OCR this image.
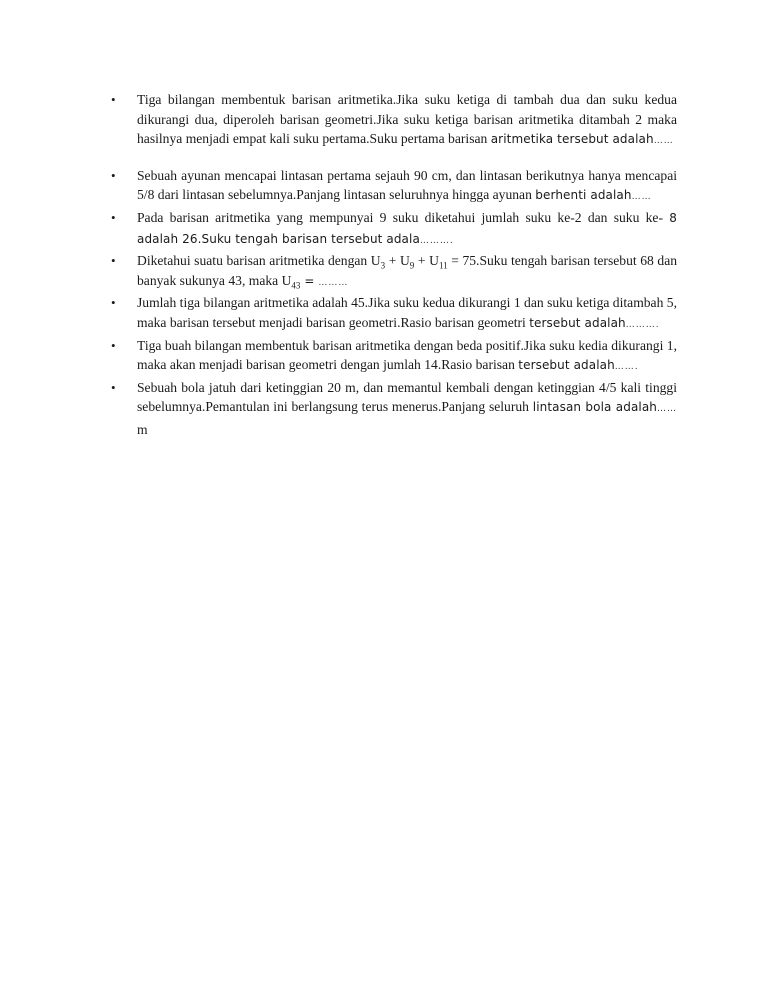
•	Tiga bilangan membentuk barisan aritmetika.Jika suku ketiga di tambah dua dan suku kedua dikurangi dua, diperoleh barisan geometri.Jika suku ketiga barisan aritmetika ditambah 2 maka hasilnya menjadi empat kali suku pertama.Suku pertama barisan aritmetika tersebut adalah……
•	Sebuah ayunan mencapai lintasan pertama sejauh 90 cm, dan lintasan berikutnya hanya mencapai 5/8 dari lintasan sebelumnya.Panjang lintasan seluruhnya hingga ayunan berhenti adalah……
•	Pada barisan aritmetika yang mempunyai 9 suku diketahui jumlah suku ke-2 dan suku ke- 8 adalah 26.Suku tengah barisan tersebut adala……….
•	Diketahui suatu barisan aritmetika dengan $U_3 + U_9 + U_{11}$ = 75.Suku tengah barisan tersebut 68 dan banyak sukunya 43, maka $U_{43}$ = ………
•	Jumlah tiga bilangan aritmetika adalah 45.Jika suku kedua dikurangi 1 dan suku ketiga ditambah 5, maka barisan tersebut menjadi barisan geometri.Rasio barisan geometri tersebut adalah……….
•	Tiga buah bilangan membentuk barisan aritmetika dengan beda positif.Jika suku kedia dikurangi 1, maka akan menjadi barisan geometri dengan jumlah 14.Rasio barisan tersebut adalah…….
•	Sebuah bola jatuh dari ketinggian 20 m, dan memantul kembali dengan ketinggian 4/5 kali tinggi sebelumnya.Pemantulan ini berlangsung terus menerus.Panjang seluruh lintasan bola adalah…… m
